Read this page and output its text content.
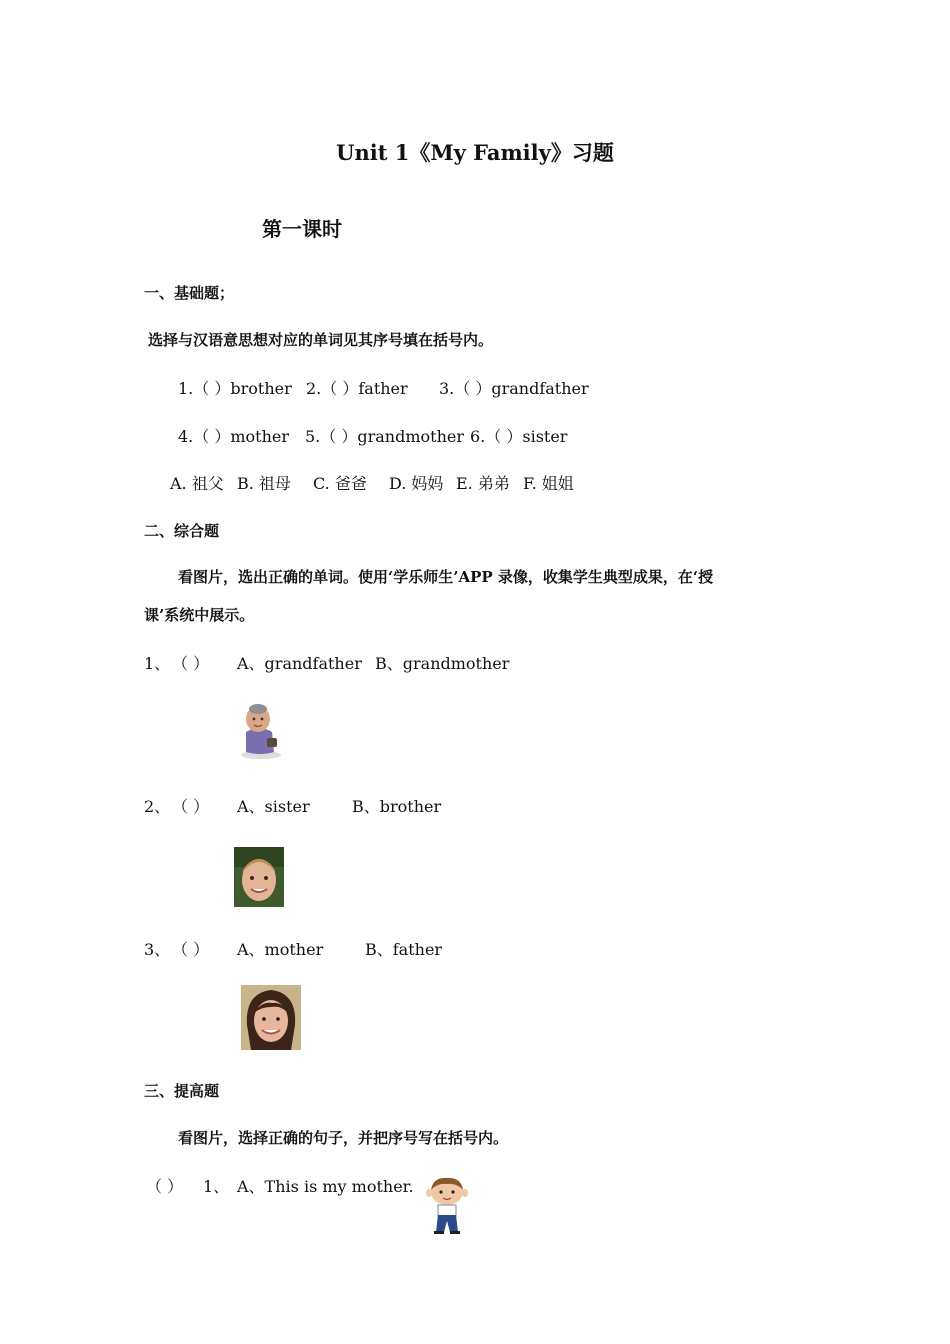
Unit 1《My Family》习题
第一课时
一、基础题；
选择与汉语意思想对应的单词见其序号填在括号内。
1.（ ）brother 2.（ ）father 3.（ ）grandfather
4.（ ）mother 5.（ ）grandmother 6.（ ）sister
A. 祖父 B. 祖母 C. 爸爸 D. 妈妈 E. 弟弟 F. 姐姐
二、综合题
看图片，选出正确的单词。使用‘学乐师生’APP 录像，收集学生典型成果，在‘授
课’系统中展示。
1、 （ ） A、grandfather B、grandmother
2、 （ ） A、sister	B、brother
3、 （ ） A、mother	B、father
三、提高题
看图片，选择正确的句子，并把序号写在括号内。
（ ） 1、 A、This is my mother.
